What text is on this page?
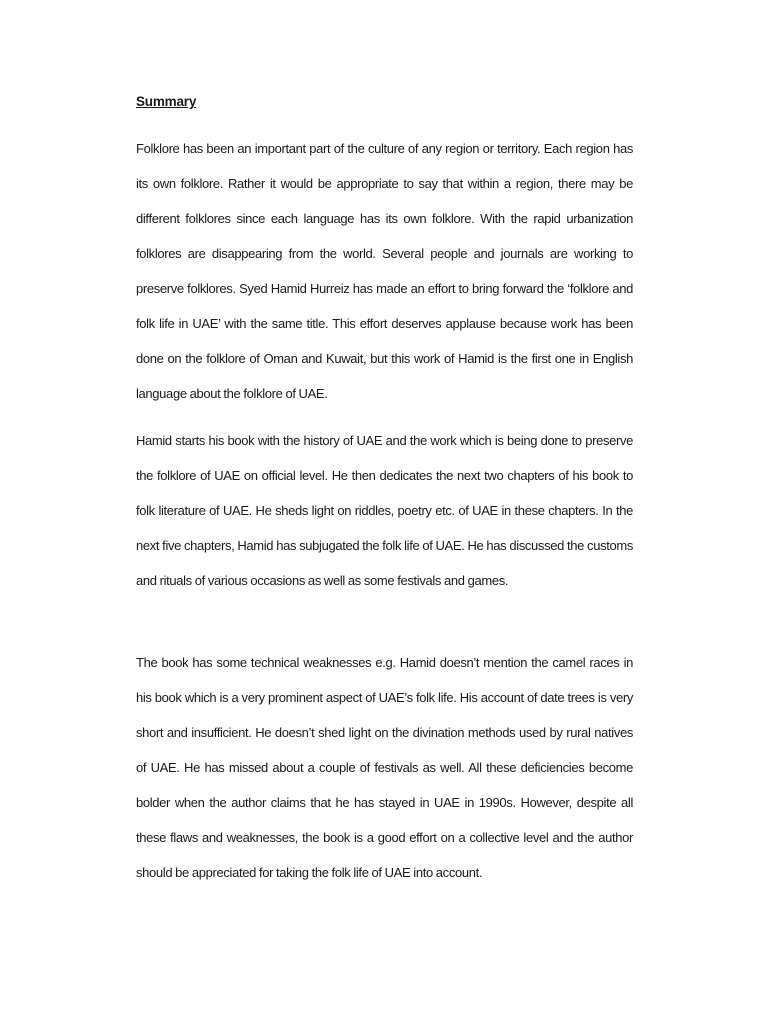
Summary

Folklore has been an important part of the culture of any region or territory. Each region has its own folklore. Rather it would be appropriate to say that within a region, there may be different folklores since each language has its own folklore. With the rapid urbanization folklores are disappearing from the world. Several people and journals are working to preserve folklores. Syed Hamid Hurreiz has made an effort to bring forward the ‘folklore and folk life in UAE’ with the same title. This effort deserves applause because work has been done on the folklore of Oman and Kuwait, but this work of Hamid is the first one in English language about the folklore of UAE.

Hamid starts his book with the history of UAE and the work which is being done to preserve the folklore of UAE on official level. He then dedicates the next two chapters of his book to folk literature of UAE. He sheds light on riddles, poetry etc. of UAE in these chapters. In the next five chapters, Hamid has subjugated the folk life of UAE. He has discussed the customs and rituals of various occasions as well as some festivals and games.

The book has some technical weaknesses e.g. Hamid doesn’t mention the camel races in his book which is a very prominent aspect of UAE’s folk life. His account of date trees is very short and insufficient. He doesn’t shed light on the divination methods used by rural natives of UAE. He has missed about a couple of festivals as well. All these deficiencies become bolder when the author claims that he has stayed in UAE in 1990s. However, despite all these flaws and weaknesses, the book is a good effort on a collective level and the author should be appreciated for taking the folk life of UAE into account.
